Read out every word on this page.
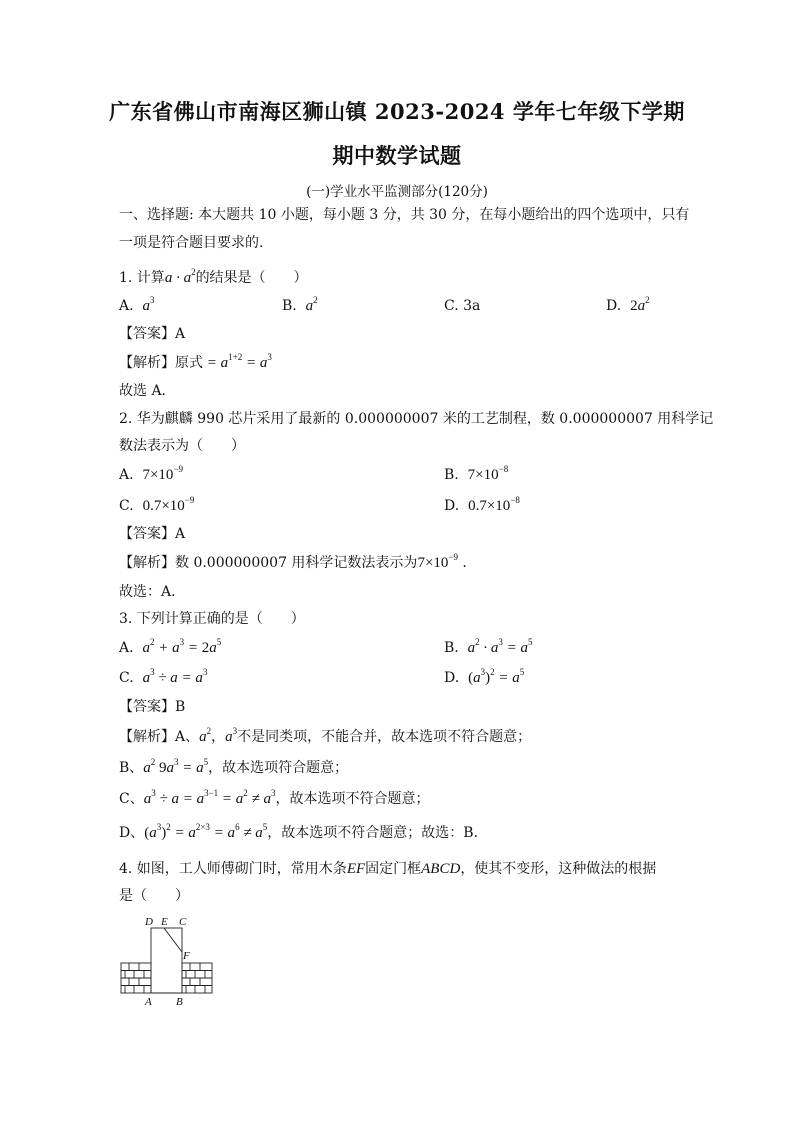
广东省佛山市南海区狮山镇 2023-2024 学年七年级下学期
期中数学试题
(一)学业水平监测部分(120分)
一、选择题: 本大题共 10 小题，每小题 3 分，共 30 分，在每小题给出的四个选项中，只有
一项是符合题目要求的.
1. 计算$a \cdot a^2$的结果是（　　）
A. $a^3$	B. $a^2$	C. 3a	D. $2a^2$
【答案】A
【解析】原式 = $a^{1+2} = a^3$
故选 A．
2. 华为麒麟 990 芯片采用了最新的 0.000000007 米的工艺制程，数 0.000000007 用科学记
数法表示为（　　）
A. $7\times 10^{-9}$	B. $7\times 10^{-8}$
C. $0.7\times 10^{-9}$	D. $0.7\times 10^{-8}$
【答案】A
【解析】数 0.000000007 用科学记数法表示为$7\times 10^{-9}$ .
故选：A．
3. 下列计算正确的是（　　）
A. $a^2 + a^3 = 2a^5$	B. $a^2 \cdot a^3 = a^5$
C. $a^3 \div a = a^3$	D. $(a^3)^2 = a^5$
【答案】B
【解析】A、$a^2$，$a^3$不是同类项，不能合并，故本选项不符合题意；
B、$a^2$ $9a^3 = a^5$，故本选项符合题意；
C、$a^3 \div a = a^{3-1} = a^2 \ne a^3$，故本选项不符合题意；
D、$(a^3)^2 = a^{2\times 3} = a^6 \ne a^5$，故本选项不符合题意；故选：B．
4. 如图，工人师傅砌门时，常用木条EF固定门框ABCD，使其不变形，这种做法的根据
是（　　）
D E C
F
A B
